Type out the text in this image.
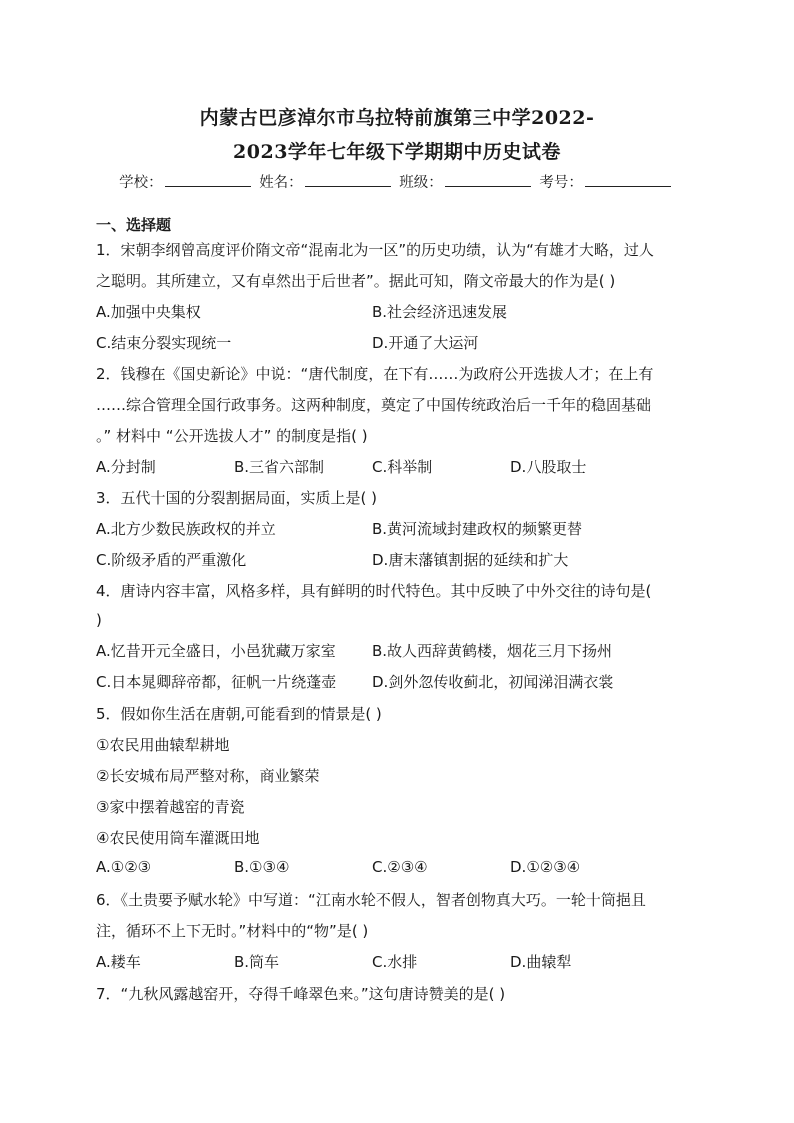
内蒙古巴彦淖尔市乌拉特前旗第三中学2022-
2023学年七年级下学期期中历史试卷
学校：	姓名：	班级：	考号：
一、选择题
1．宋朝李纲曾高度评价隋文帝“混南北为一区”的历史功绩，认为“有雄才大略，过人
之聪明。其所建立，又有卓然出于后世者”。据此可知，隋文帝最大的作为是( )
A.加强中央集权	B.社会经济迅速发展
C.结束分裂实现统一	D.开通了大运河
2．钱穆在《国史新论》中说：“唐代制度，在下有……为政府公开选拔人才；在上有
……综合管理全国行政事务。这两种制度，奠定了中国传统政治后一千年的稳固基础
。” 材料中 “公开选拔人才” 的制度是指( )
A.分封制	B.三省六部制	C.科举制	D.八股取士
3．五代十国的分裂割据局面，实质上是( )
A.北方少数民族政权的并立	B.黄河流域封建政权的频繁更替
C.阶级矛盾的严重激化	D.唐末藩镇割据的延续和扩大
4．唐诗内容丰富，风格多样，具有鲜明的时代特色。其中反映了中外交往的诗句是(
)
A.忆昔开元全盛日，小邑犹藏万家室 B.故人西辞黄鹤楼，烟花三月下扬州
C.日本晁卿辞帝都，征帆一片绕蓬壶 D.剑外忽传收蓟北，初闻涕泪满衣裳
5．假如你生活在唐朝,可能看到的情景是( )
①农民用曲辕犁耕地
②长安城布局严整对称，商业繁荣
③家中摆着越窑的青瓷
④农民使用筒车灌溉田地
A.①②③	B.①③④	C.②③④	D.①②③④
6．《土贵要予赋水轮》中写道：“江南水轮不假人，智者创物真大巧。一轮十筒挹且
注，循环不上下无时。”材料中的“物”是( )
A.耧车	B.筒车	C.水排	D.曲辕犁
7．“九秋风露越窑开，夺得千峰翠色来。”这句唐诗赞美的是( )
